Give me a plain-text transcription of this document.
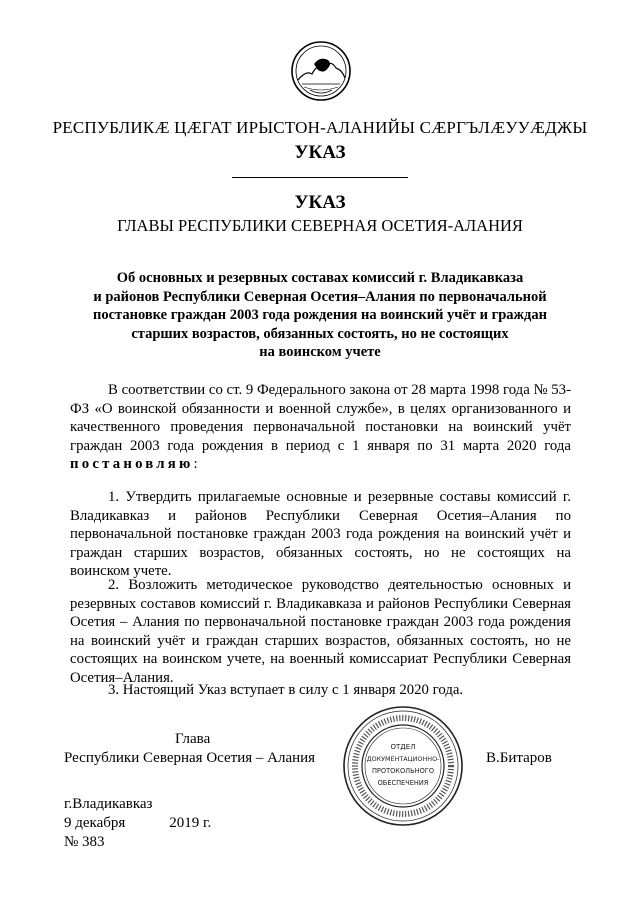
РЕСПУБЛИКӔ ЦӔГАТ ИРЫСТОН-АЛАНИЙЫ СӔРГЪЛӔУУӔДЖЫ
УКАЗ
УКАЗ
ГЛАВЫ РЕСПУБЛИКИ СЕВЕРНАЯ ОСЕТИЯ-АЛАНИЯ
Об основных и резервных составах комиссий г. Владикавказа
и районов Республики Северная Осетия–Алания по первоначальной
постановке граждан 2003 года рождения на воинский учёт и граждан
старших возрастов, обязанных состоять, но не состоящих
на воинском учете
В соответствии со ст. 9 Федерального закона от 28 марта 1998 года № 53-ФЗ «О воинской обязанности и военной службе», в целях организованного и качественного проведения первоначальной постановки на воинский учёт граждан 2003 года рождения в период с 1 января по 31 марта 2020 года постановляю:
1. Утвердить прилагаемые основные и резервные составы комиссий г. Владикавказ и районов Республики Северная Осетия–Алания по первоначальной постановке граждан 2003 года рождения на воинский учёт и граждан старших возрастов, обязанных состоять, но не состоящих на воинском учете.
2. Возложить методическое руководство деятельностью основных и резервных составов комиссий г. Владикавказа и районов Республики Северная Осетия – Алания по первоначальной постановке граждан 2003 года рождения на воинский учёт и граждан старших возрастов, обязанных состоять, но не состоящих на воинском учете, на военный комиссариат Республики Северная Осетия–Алания.
3. Настоящий Указ вступает в силу с 1 января 2020 года.
Глава
Республики Северная Осетия – Алания	В.Битаров
ОТДЕЛ
ДОКУМЕНТАЦИОННО-
ПРОТОКОЛЬНОГО
ОБЕСПЕЧЕНИЯ
г.Владикавказ
9 декабря	2019 г.
№ 383
